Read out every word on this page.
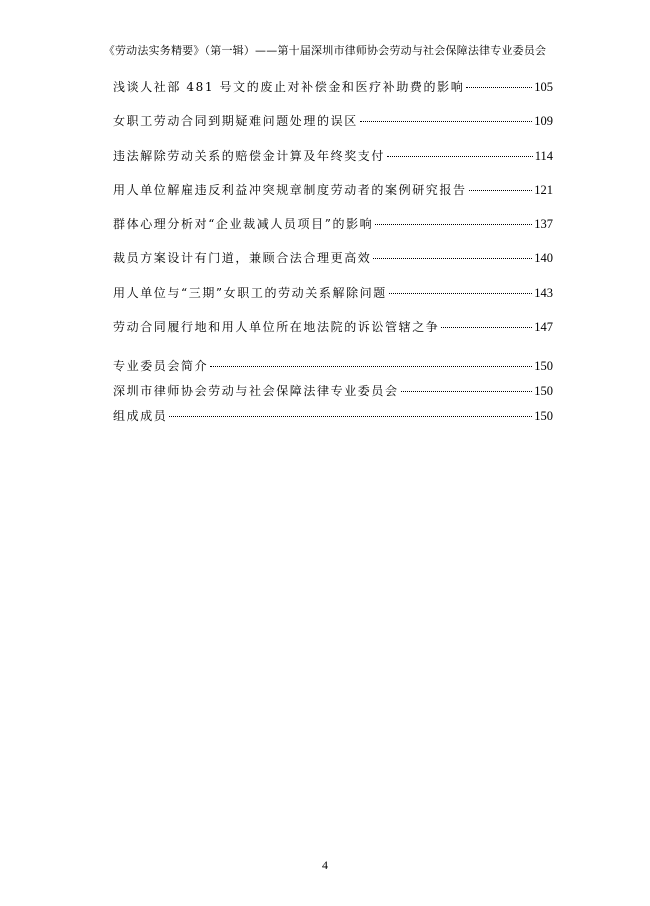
《劳动法实务精要》（第一辑）——第十届深圳市律师协会劳动与社会保障法律专业委员会
浅谈人社部 481 号文的废止对补偿金和医疗补助费的影响	105
女职工劳动合同到期疑难问题处理的误区	109
违法解除劳动关系的赔偿金计算及年终奖支付	114
用人单位解雇违反利益冲突规章制度劳动者的案例研究报告	121
群体心理分析对“企业裁减人员项目”的影响	137
裁员方案设计有门道，兼顾合法合理更高效	140
用人单位与“三期”女职工的劳动关系解除问题	143
劳动合同履行地和用人单位所在地法院的诉讼管辖之争	147
专业委员会简介	150
深圳市律师协会劳动与社会保障法律专业委员会	150
组成成员	150
4
